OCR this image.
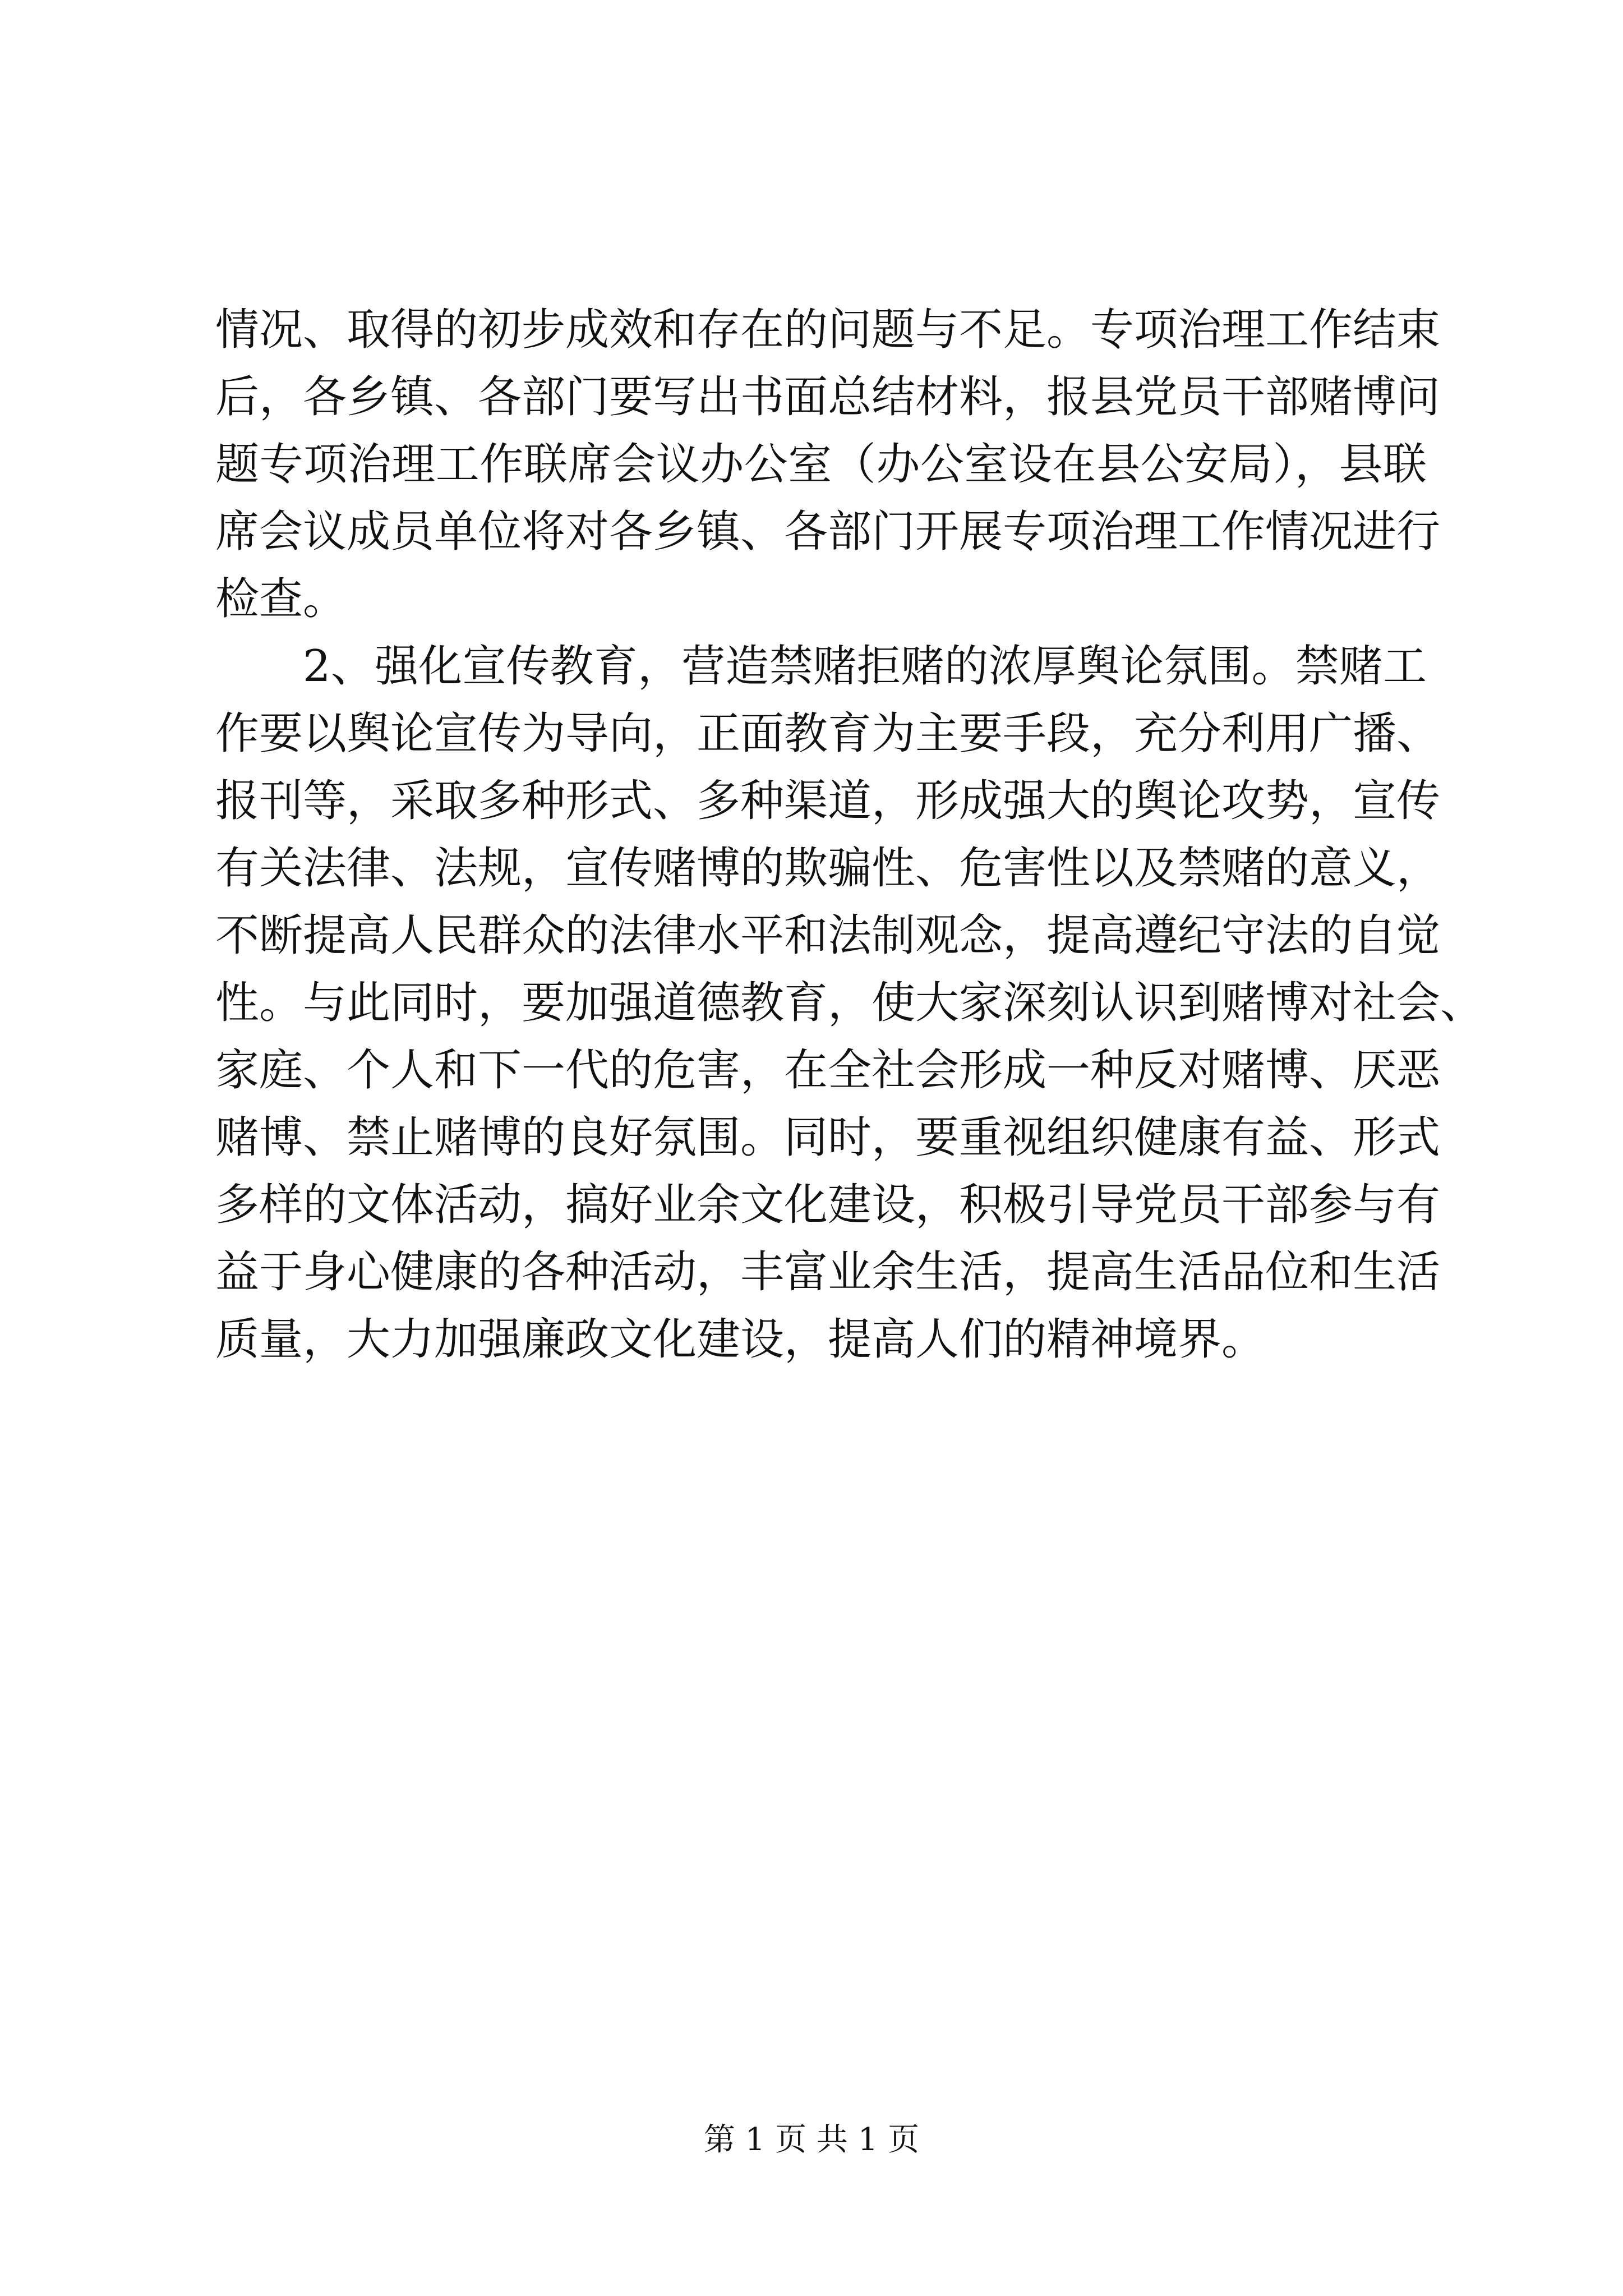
情况、取得的初步成效和存在的问题与不足。专项治理工作结束
后，各乡镇、各部门要写出书面总结材料，报县党员干部赌博问
题专项治理工作联席会议办公室（办公室设在县公安局），县联
席会议成员单位将对各乡镇、各部门开展专项治理工作情况进行
检查。
2、强化宣传教育，营造禁赌拒赌的浓厚舆论氛围。禁赌工
作要以舆论宣传为导向，正面教育为主要手段，充分利用广播、
报刊等，采取多种形式、多种渠道，形成强大的舆论攻势，宣传
有关法律、法规，宣传赌博的欺骗性、危害性以及禁赌的意义，
不断提高人民群众的法律水平和法制观念，提高遵纪守法的自觉
性。与此同时，要加强道德教育，使大家深刻认识到赌博对社会、
家庭、个人和下一代的危害，在全社会形成一种反对赌博、厌恶
赌博、禁止赌博的良好氛围。同时，要重视组织健康有益、形式
多样的文体活动，搞好业余文化建设，积极引导党员干部参与有
益于身心健康的各种活动，丰富业余生活，提高生活品位和生活
质量，大力加强廉政文化建设，提高人们的精神境界。
第 1 页 共 1 页
